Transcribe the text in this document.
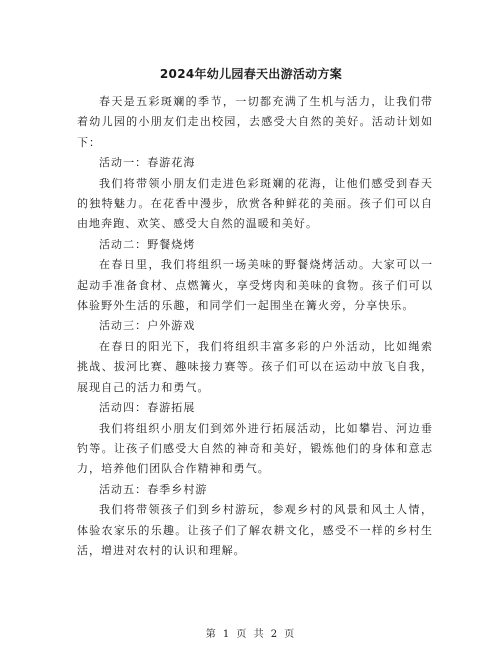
2024年幼儿园春天出游活动方案

春天是五彩斑斓的季节，一切都充满了生机与活力，让我们带着幼儿园的小朋友们走出校园，去感受大自然的美好。活动计划如下：

活动一：春游花海

我们将带领小朋友们走进色彩斑斓的花海，让他们感受到春天的独特魅力。在花香中漫步，欣赏各种鲜花的美丽。孩子们可以自由地奔跑、欢笑、感受大自然的温暖和美好。

活动二：野餐烧烤

在春日里，我们将组织一场美味的野餐烧烤活动。大家可以一起动手准备食材、点燃篝火，享受烤肉和美味的食物。孩子们可以体验野外生活的乐趣，和同学们一起围坐在篝火旁，分享快乐。

活动三：户外游戏

在春日的阳光下，我们将组织丰富多彩的户外活动，比如绳索挑战、拔河比赛、趣味接力赛等。孩子们可以在运动中放飞自我，展现自己的活力和勇气。

活动四：春游拓展

我们将组织小朋友们到郊外进行拓展活动，比如攀岩、河边垂钓等。让孩子们感受大自然的神奇和美好，锻炼他们的身体和意志力，培养他们团队合作精神和勇气。

活动五：春季乡村游

我们将带领孩子们到乡村游玩，参观乡村的风景和风土人情，体验农家乐的乐趣。让孩子们了解农耕文化，感受不一样的乡村生活，增进对农村的认识和理解。

第 1 页 共 2 页
